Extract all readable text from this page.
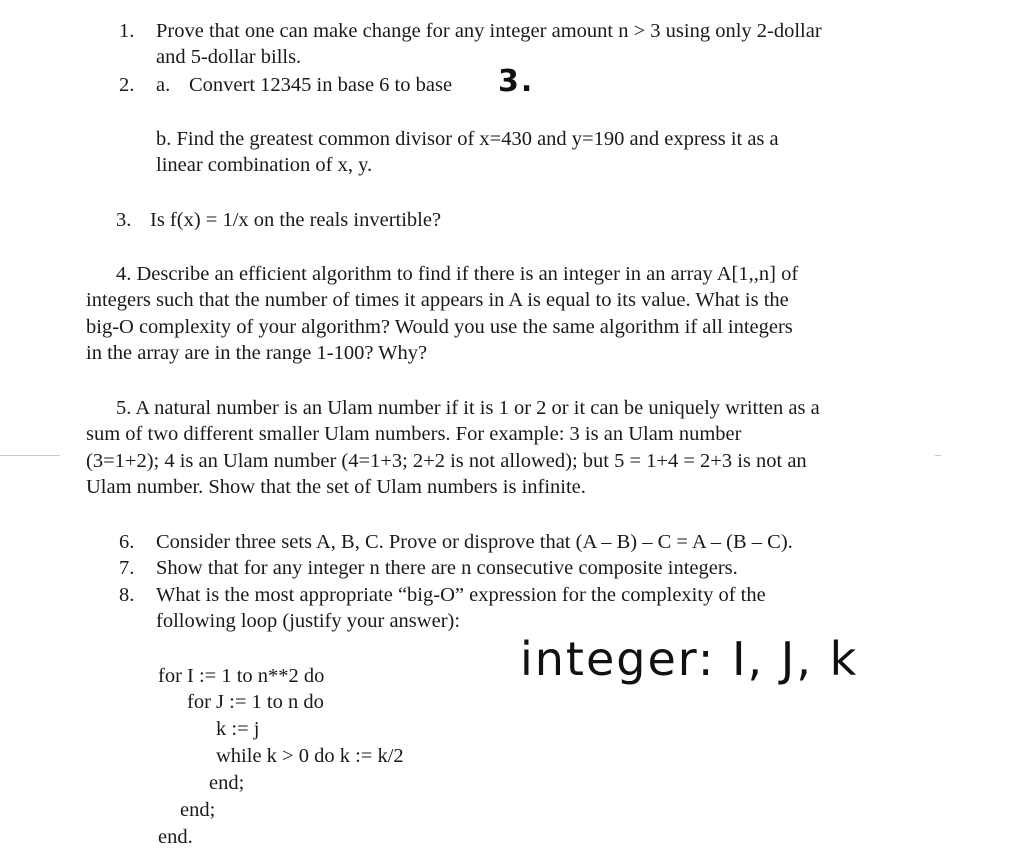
1. Prove that one can make change for any integer amount n > 3 using only 2-dollar
and 5-dollar bills.
2. a. Convert 12345 in base 6 to base 3.
b. Find the greatest common divisor of x=430 and y=190 and express it as a
linear combination of x, y.
3. Is f(x) = 1/x on the reals invertible?
4. Describe an efficient algorithm to find if there is an integer in an array A[1,,n] of
integers such that the number of times it appears in A is equal to its value. What is the
big-O complexity of your algorithm? Would you use the same algorithm if all integers
in the array are in the range 1-100? Why?
5. A natural number is an Ulam number if it is 1 or 2 or it can be uniquely written as a
sum of two different smaller Ulam numbers. For example: 3 is an Ulam number
(3=1+2); 4 is an Ulam number (4=1+3; 2+2 is not allowed); but 5 = 1+4 = 2+3 is not an
Ulam number. Show that the set of Ulam numbers is infinite.
6. Consider three sets A, B, C. Prove or disprove that (A – B) – C = A – (B – C).
7. Show that for any integer n there are n consecutive composite integers.
8. What is the most appropriate “big-O” expression for the complexity of the
following loop (justify your answer):
for I := 1 to n**2 do
for J := 1 to n do
k := j
while k > 0 do k := k/2
end;
end;
end.
integer: I, J, k
